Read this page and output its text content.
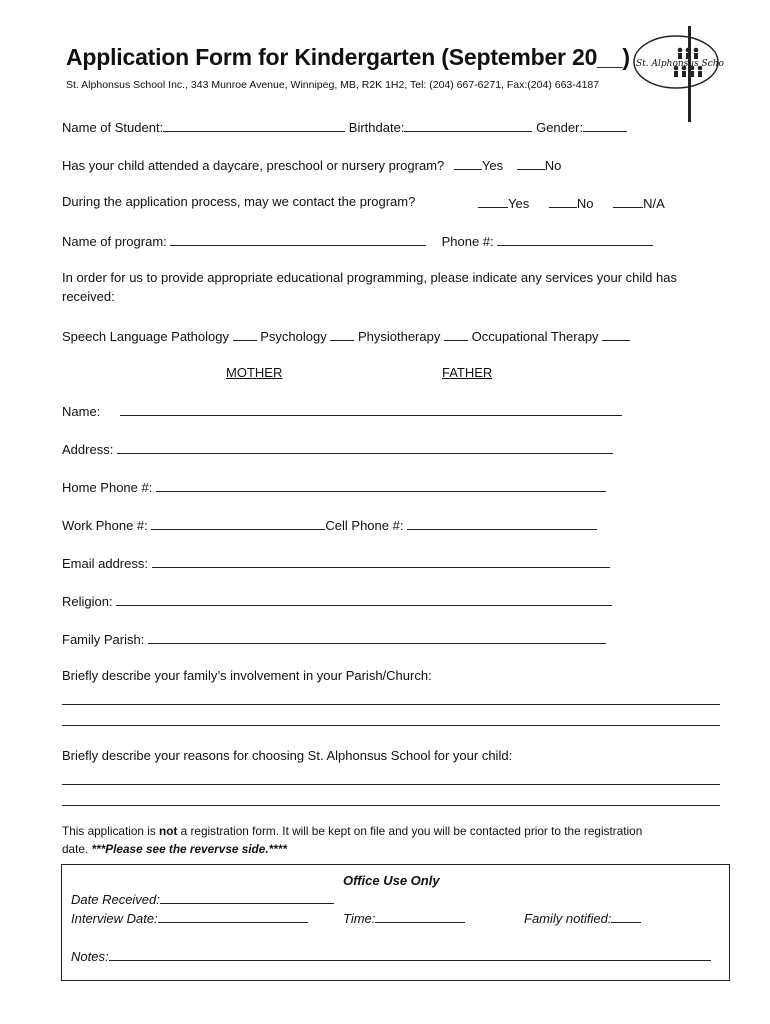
Application Form for Kindergarten (September 20__)
St. Alphonsus School Inc., 343 Munroe Avenue, Winnipeg, MB, R2K 1H2, Tel: (204) 667-6271, Fax:(204) 663-4187
St. Alphonsus School
Name of Student:	Birthdate:	Gender:
Has your child attended a daycare, preschool or nursery program?	Yes	No
During the application process, may we contact the program?	Yes	No	N/A
Name of program:	Phone #:
In order for us to provide appropriate educational programming, please indicate any services your child has
received:
Speech Language Pathology Psychology Physiotherapy Occupational Therapy
MOTHER	FATHER
Name:
Address:
Home Phone #:
Work Phone #:	Cell Phone #:
Email address:
Religion:
Family Parish:
Briefly describe your family’s involvement in your Parish/Church:
Briefly describe your reasons for choosing St. Alphonsus School for your child:
This application is not a registration form. It will be kept on file and you will be contacted prior to the registration
date. ***Please see the revervse side.****
Office Use Only
Date Received:
Interview Date:	Time:	Family notified:
Notes:
